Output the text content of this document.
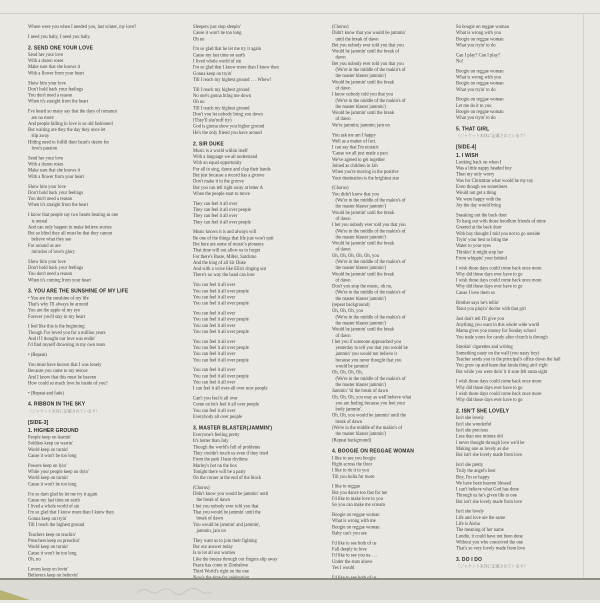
Where were you when I needed you, last winter, my love?
I need you baby, I need you baby.
2. SEND ONE YOUR LOVE
Send her your love
With a dozen roses
Make sure that she knows it
With a flower from your heart
Show him your love
Don't hold back your feelings
You don't need a reason
When it's straight from the heart
I've heard so many say that the days of romance
are no more
And people falling in love is so old fashioned
But waiting are they the day they once let
slip away
Hiding need to fulfill their heart's desire for
love's passion
Send her your love
With a dozen roses
Make sure that she knows it
With a flower from your heart
Show him your love
Don't hold back your feelings
You don't need a reason
When it's straight from the heart
I know that people say two hearts beating as one
is unreal
And can only happen in make believe stories
But so blind they all must be that they cannot
believe what they see
For around us are
miracles of love's glory
Show him your love
Don't hold back your feelings
You don't need a reason
When it's coming from your heart
3. YOU ARE THE SUNSHINE OF MY LIFE
• You are the sunshine of my life
That's why I'll always be around
You are the apple of my eye
Forever you'll stay in my heart
I feel like this is the beginning
Though I've loved you for a million years
And if I thought our love was endin'
I'd find myself drowning in my own tears
• (Repeat)
You must have known that I was lonely
Because you came to my rescue
And I know that this must be heaven
How could so much love be inside of you?
• (Repeat and fade)
4. RIBBON IN THE SKY
（ジャケット本体に記載されています）
[SIDE-3]
1. HIGHER GROUND
People keep on learnin'
Soldiers keep on warrin'
World keep on turnin'
Cause it won't be too long
Powers keep on lyin'
While your people keep on dyin'
World keep on turnin'
Cause it won't be too long
I'm so darn glad he let me try it again
Cause my last time on earth
I lived a whole world of sin
I'm so glad that I know more than I knew then
Gonna keep on tryin'
Till I reach the highest ground
Teachers keep on teachin'
Preachers keep on preachin'
World keep on turnin'
Cause it won't be too long
Oh, no
Lovers keep on lovin'
Believers keep on believin'
Sleepers just stop sleepin'
Cause it won't be too long
Oh no
I'm so glad that he let me try it again
Cause my last time on earth
I lived whole world of sin
I'm so glad that I know more than I knew then
Gonna keep on tryin'
Till I reach my highest ground . . . Whew!
Till I reach my highest ground
No one's gonna bring me down
Oh no
Till I reach my highest ground
Don't you let nobody bring you down
(They'll sho'nuff try)
God is gonna show you higher ground
He's the only friend you have around
2. SIR DUKE
Music is a world within itself
With a language we all understand
With an equal opportunity
For all to sing, dance and clap their hands
But just because a record has a groove
Don't make it in the groove
But you can tell right away at letter A
When the people start to move
They can feel it all over
They can feel it all over people
They can feel it all over
They can feel it all over people
Music knows it is and always will
Be one of the things that life just won't quit
But here are some of music's pioneers
That time will not allow us to forget
For there's Basie, Miller, Satchmo
And the king of all Sir Duke
And with a voice like Ella's ringing out
There's no way the band can lose
You can feel it all over
You can feel it all over people
You can feel it all over
You can feel it all over people
You can feel it all over
You can feel it all over people
You can feel it all over
You can feel it all over people
You can feel it all over
You can feel it all over people
You can feel it all over
You can feel it all over people
You can feel it all over
You can feel it all over people
You can feel it all over
I can feel it all over-all over now people
Can't you feel it all over
Come on let's feel it all over people
You can feel it all over
Everybody all over people
3. MASTER BLASTER(JAMMIN')
Everyone's feeling pretty
It's hotter than July
Though the world's full of problems
They couldn't touch us even if they tried
From the park I hear rhythms
Marley's hot on the box
Tonight there will be a party
On the corner at the end of the block
(Chorus)
Didn't know you would be jammin' until
the break of dawn
I bet you nobody ever told you that
That you would be jammin' until the
break of dawn
You would be jammin' and jammin',
jammin, jam on
They want us to join their fighting
But our answer today
Is to let all our worries
Like the breeze through our fingers slip away
Peace has come to Zimbabwe
Third World's right on the one
(Chorus)
Didn't know that you would be jammin'
until the break of dawn
Bet you nobody ever told you that you
Would be jammin' until the break of
dawn
Bet you nobody ever told you that you
(We're in the middle of the makin's of
the master blaster jammin')
Would be jammin' until the break
of dawn
I know nobody told you that you
(We're in the middle of the makin's of
the master blaster jammin')
Would be jammin' until the break
of dawn
We're jammin; jammin; jam on
You ask me am I happy
Well as a matter of fact.
I can say that I'm ecstatic
'Cause we all just made a pact
We've agreed to get together
Joined as children in Jah
When you're moving in the positive
Your destination is the brightest star
(Chorus)
You didn't know that you
(We're in the middle of the makin's of
the master blaster jammin')
Would be jammin' until the break
of dawn
I bet you nobody ever told you that you
(We're in the middle of the makin's of
the master blaster jammin')
Would be jammin' until the break
of dawn
Oh, Oh, Oh, Oh, Oh, you
(We're in the middle of the makin's of
the master blaster jammin')
Would be jammin' until the break
of dawn
Don't you stop the music, oh no,
(We're in the middle of the makin's of
the master blaster jammin')
(repeat background)
Oh, Oh, Oh, you
(We're in the middle of the makin's of
the master blaster jammin')
Would be jammin' until the break
of dawn
I bet you if someone approached you
yesterday to tell you that you would be
jammin' you would not believe it
because you never thought that you
would be jammin'
Oh, Oh, Oh, Oh,
(We're in the middle of the makin's of
the master blaster jammin')
Jammin' 'til the break of dawn
Oh, Oh, Oh, you may as well believe what
you are feeling because you feel your
body jammin'.
Oh, Oh, you would be jammin' until the
break of dawn
(We're in the middle of the makin's of
the master blaster jammin')
(Repeat background)
4. BOOGIE ON REGGAE WOMAN
I like to see you boogie
Right across the floor
I like to do it to you
Till you holla for more
I like to reggae
But you dance too fast for me
I'd like to make love to you
So you can make me scream
Boogie on reggae woman
What is wrong with me
Boogie on reggae woman
Baby can't you see
I'd like to see both of us
Fall deeply in love
I'd like to see you na . . .
Under the stars above
Yes I would
So boogie on reggae woman
What is wrong with you
Boogie on reggae woman
What you tryin' to do
Can I play? Can I play?
No!
Boogie on reggae woman
What is wrong with you
Boogie on reggae woman
What you tryin' to do
Boogie on reggae woman
Let me do it to you
Boogie on reggae woman
What you tryin' to do
5. THAT GIRL
（ジャケット本体に記載されています）
[SIDE-4]
1. I WISH
Looking back on when I
Was a little nappy headed boy
Then my only worry
Was for Christmas what would be my toy
Even though we sometimes
Would not get a thing
We were happy with the
Joy the day would bring
Sneaking out the back door
To hang out with those hoodlum friends of mine
Greeted at the back door
With boy thought I told you not to go outside
Tryin' your best to bring the
Water to your eyes
Thinkin' it might stop her
From whippin' your behind
I wish those days could come back once more
Why did those days ever have to go
I wish those days could come back once more
Why did those days ever have to go
Cause I love them so
Brother says he's tellin'
'Bout you playin' doctor with that girl
Just don't tell I'll give you
Anything you want in this whole wide world
Mama gives you money for Sunday school
You trade yours for candy after church is through
Smokin' cigarettes and writing
Something nasty on the wall (you nasty boy)
Teacher sends you to the principal's office down the hall
You grow up and learn that kinda thing ain't right
But while you were doin' it it sure felt outta sight
I wish those days could come back once more
Why did those days ever have to go
I wish those days could come back once more
Why did those days ever have to go
2. ISN'T SHE LOVELY
Isn't she lovely
Isn't she wonderful
Isn't she precious
Less than one minute old
I never thought through love we'd be
Making one as lovely as she
But isn't she lovely made from love
Isn't she pretty
Truly the angel's best
Boy, I'm so happy
We have been heaven blessed
I can't believe what God has done
Through us he's given life to one
But isn't she lovely made from love
Isn't she lovely
Life and love are the same
Life is Aisha
The meaning of her name
Londie, it could have not been done
Without you who conceived the one
That's so very lovely made from love
3. DO I DO
（ジャケット本体に記載されています）
